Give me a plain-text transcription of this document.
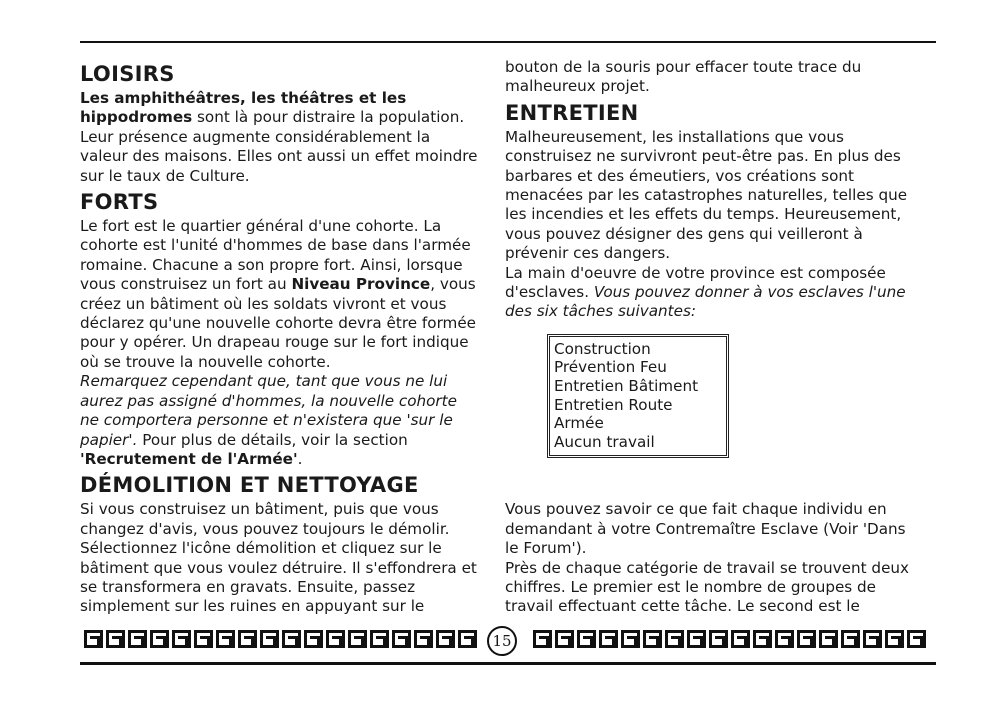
LOISIRS

Les amphithéâtres, les théâtres et les hippodromes sont là pour distraire la population. Leur présence augmente considérablement la valeur des maisons. Elles ont aussi un effet moindre sur le taux de Culture.

FORTS

Le fort est le quartier général d'une cohorte. La cohorte est l'unité d'hommes de base dans l'armée romaine. Chacune a son propre fort. Ainsi, lorsque vous construisez un fort au Niveau Province, vous créez un bâtiment où les soldats vivront et vous déclarez qu'une nouvelle cohorte devra être formée pour y opérer. Un drapeau rouge sur le fort indique où se trouve la nouvelle cohorte.

Remarquez cependant que, tant que vous ne lui aurez pas assigné d'hommes, la nouvelle cohorte ne comportera personne et n'existera que 'sur le papier'. Pour plus de détails, voir la section 'Recrutement de l'Armée'.

DÉMOLITION ET NETTOYAGE

Si vous construisez un bâtiment, puis que vous changez d'avis, vous pouvez toujours le démolir. Sélectionnez l'icône démolition et cliquez sur le bâtiment que vous voulez détruire. Il s'effondrera et se transformera en gravats. Ensuite, passez simplement sur les ruines en appuyant sur le

bouton de la souris pour effacer toute trace du malheureux projet.

ENTRETIEN

Malheureusement, les installations que vous construisez ne survivront peut-être pas. En plus des barbares et des émeutiers, vos créations sont menacées par les catastrophes naturelles, telles que les incendies et les effets du temps. Heureusement, vous pouvez désigner des gens qui veilleront à prévenir ces dangers.

La main d'oeuvre de votre province est composée d'esclaves. Vous pouvez donner à vos esclaves l'une des six tâches suivantes:

Construction
Prévention Feu
Entretien Bâtiment
Entretien Route
Armée
Aucun travail

Vous pouvez savoir ce que fait chaque individu en demandant à votre Contremaître Esclave (Voir 'Dans le Forum').

Près de chaque catégorie de travail se trouvent deux chiffres. Le premier est le nombre de groupes de travail effectuant cette tâche. Le second est le

15
